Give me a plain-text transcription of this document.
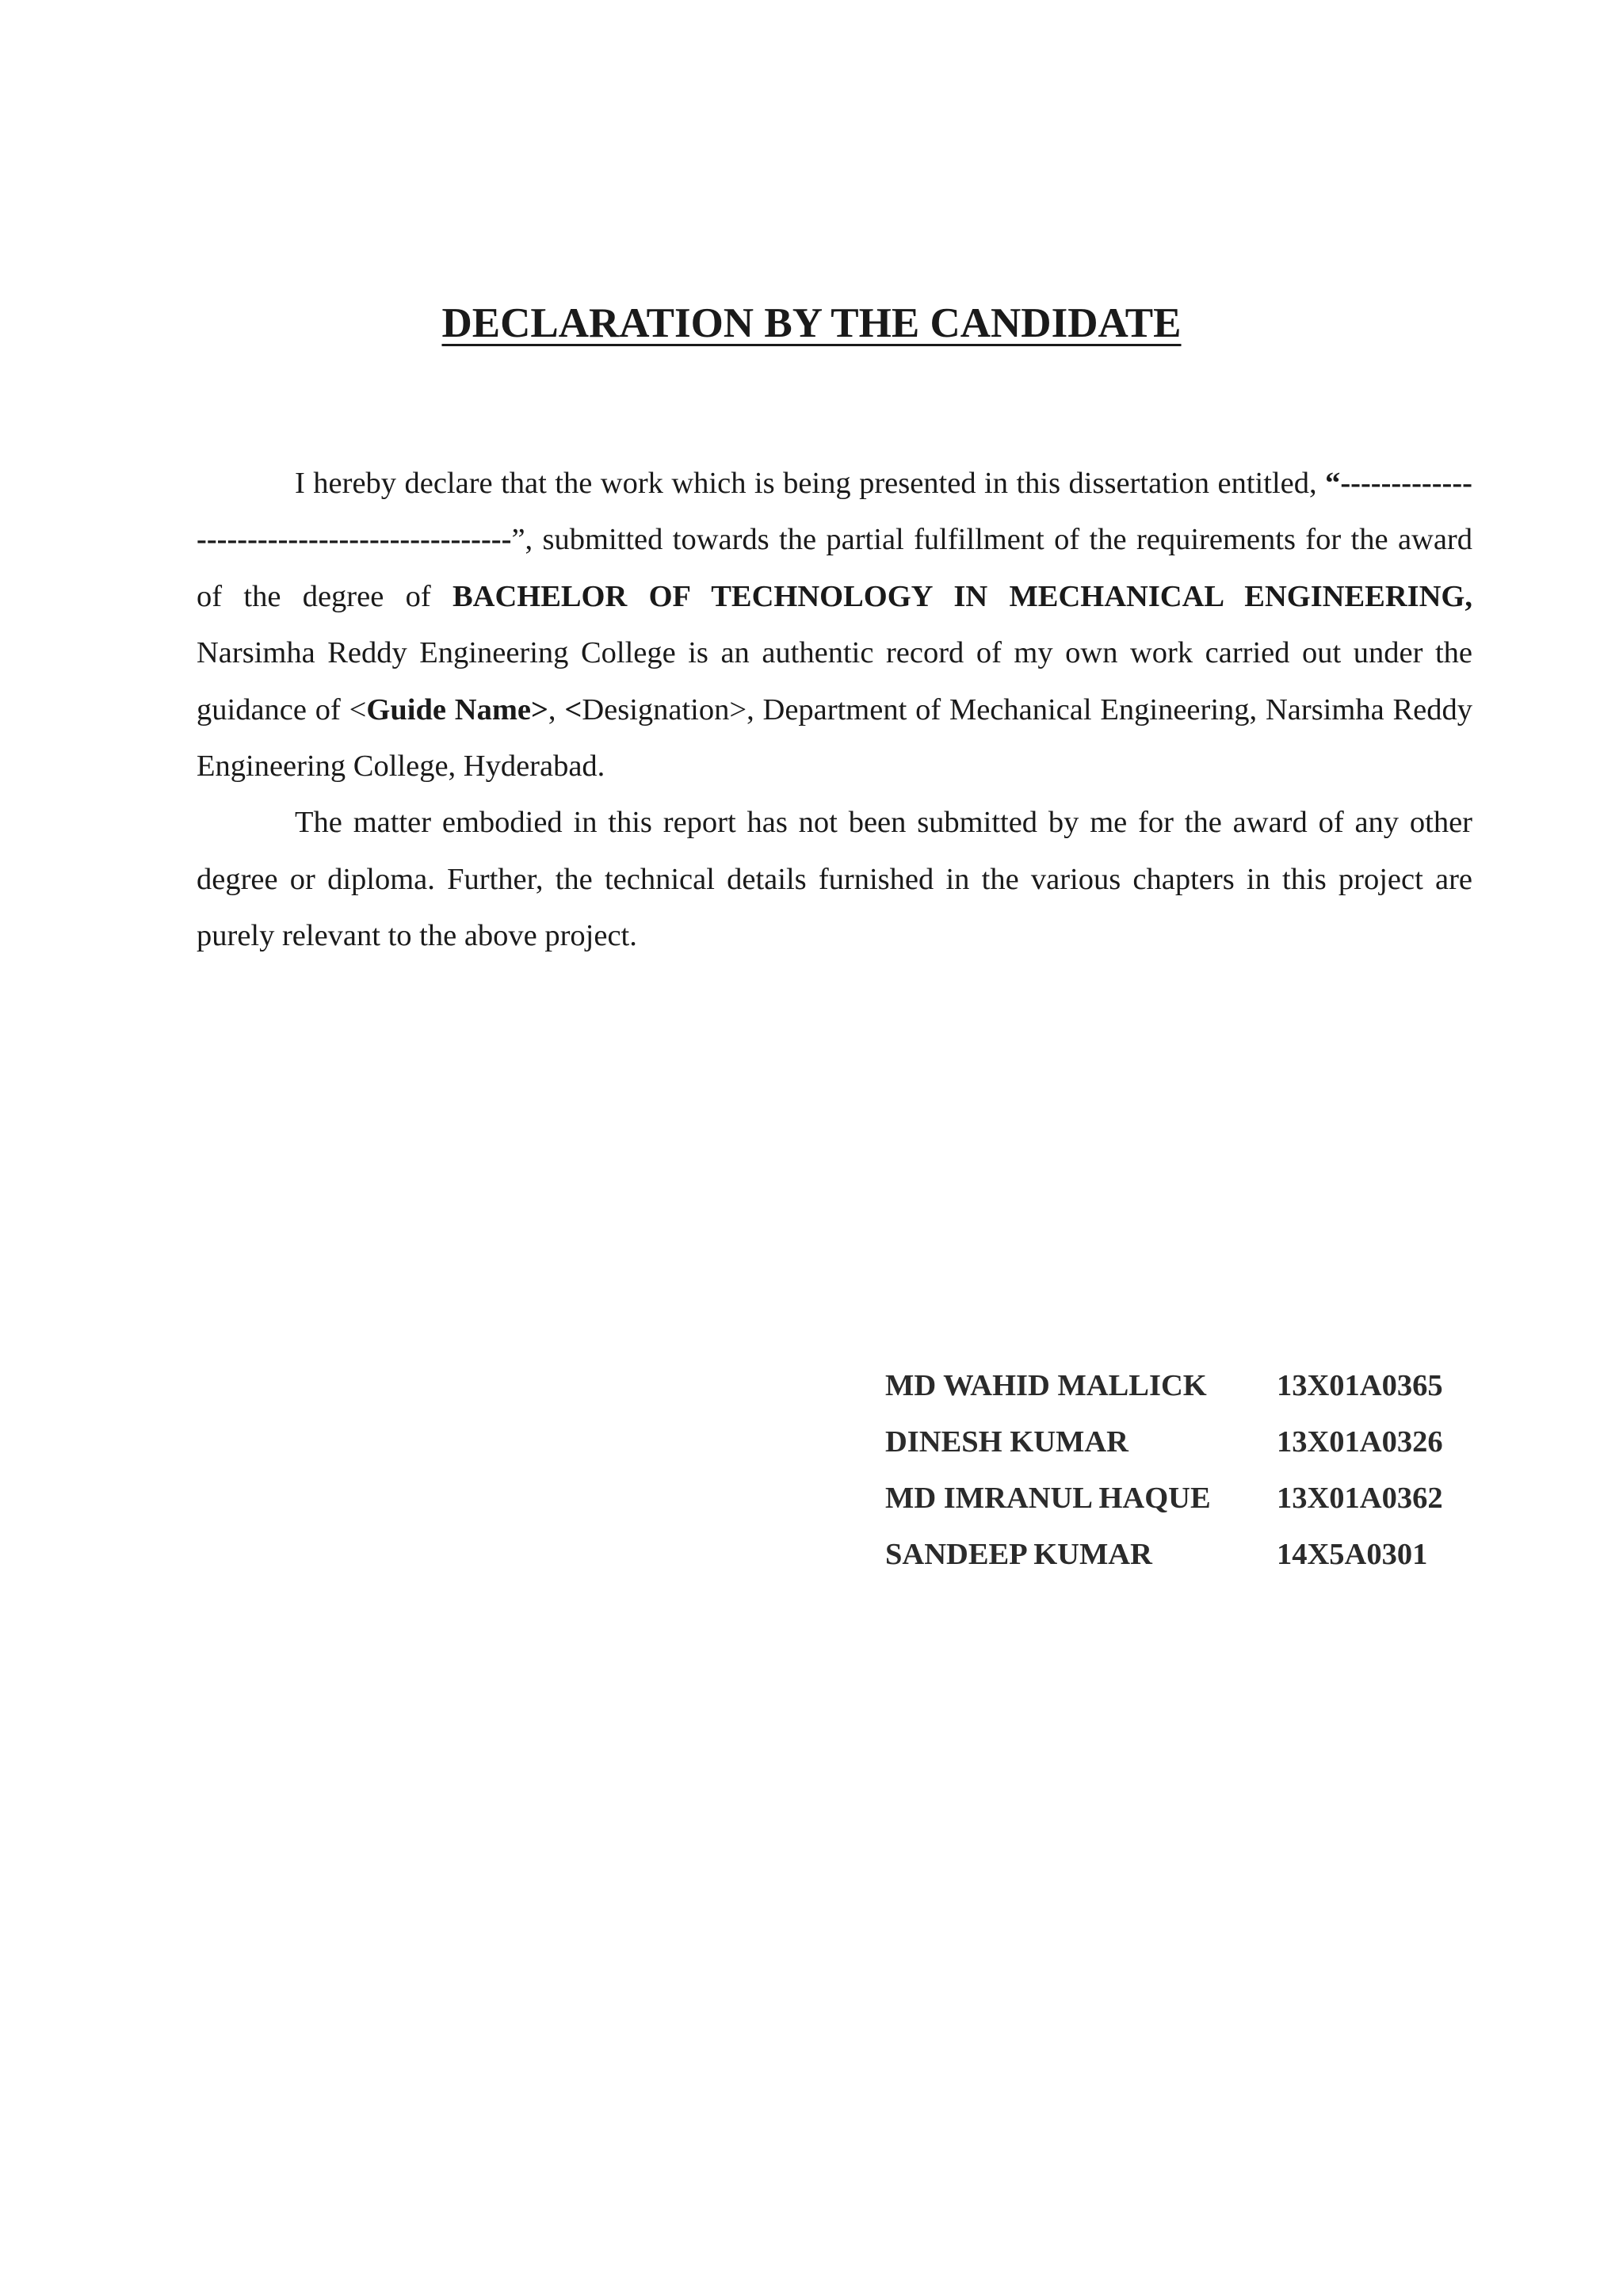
DECLARATION BY THE CANDIDATE

I hereby declare that the work which is being presented in this dissertation entitled, “--------------------------------------------”, submitted towards the partial fulfillment of the requirements for the award of the degree of BACHELOR OF TECHNOLOGY IN MECHANICAL ENGINEERING, Narsimha Reddy Engineering College is an authentic record of my own work carried out under the guidance of <Guide Name>, <Designation>, Department of Mechanical Engineering, Narsimha Reddy Engineering College, Hyderabad.

The matter embodied in this report has not been submitted by me for the award of any other degree or diploma. Further, the technical details furnished in the various chapters in this project are purely relevant to the above project.

MD WAHID MALLICK	13X01A0365
DINESH KUMAR	13X01A0326
MD IMRANUL HAQUE	13X01A0362
SANDEEP KUMAR	14X5A0301
